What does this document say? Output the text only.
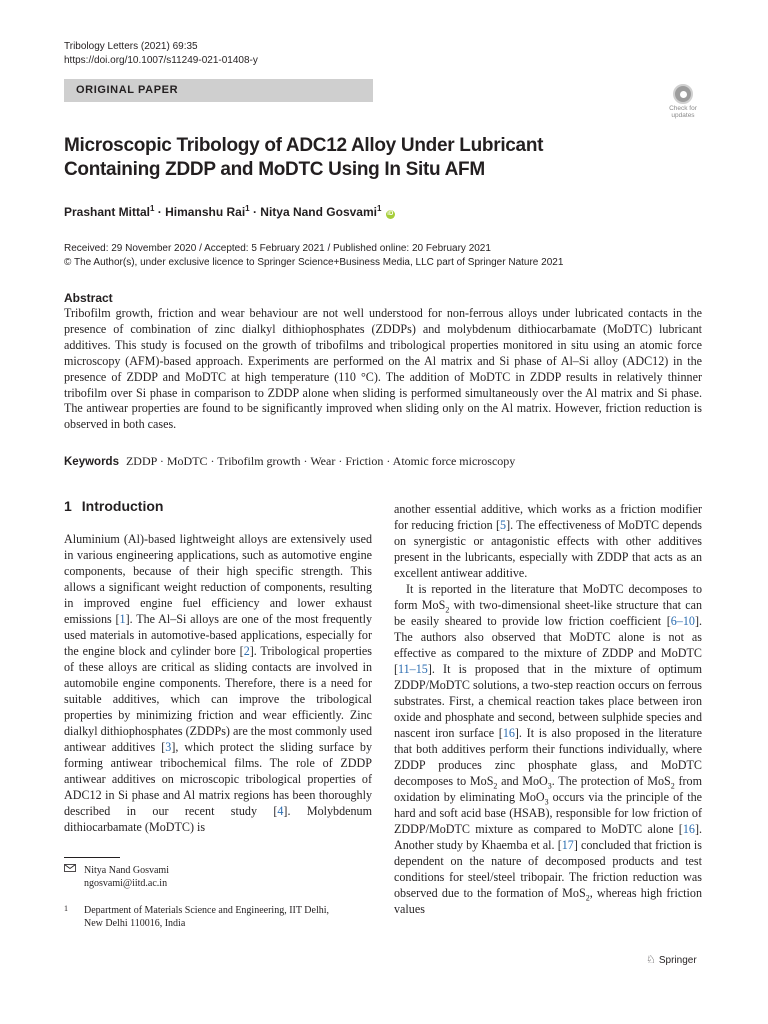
Tribology Letters (2021) 69:35
https://doi.org/10.1007/s11249-021-01408-y
ORIGINAL PAPER
Check for updates
Microscopic Tribology of ADC12 Alloy Under Lubricant Containing ZDDP and MoDTC Using In Situ AFM
Prashant Mittal$^1$ · Himanshu Rai$^1$ · Nitya Nand Gosvami$^1$ iD
Received: 29 November 2020 / Accepted: 5 February 2021 / Published online: 20 February 2021
© The Author(s), under exclusive licence to Springer Science+Business Media, LLC part of Springer Nature 2021
Abstract

Tribofilm growth, friction and wear behaviour are not well understood for non-ferrous alloys under lubricated contacts in the presence of combination of zinc dialkyl dithiophosphates (ZDDPs) and molybdenum dithiocarbamate (MoDTC) lubricant additives. This study is focused on the growth of tribofilms and tribological properties monitored in situ using an atomic force microscopy (AFM)-based approach. Experiments are performed on the Al matrix and Si phase of Al–Si alloy (ADC12) in the presence of ZDDP and MoDTC at high temperature (110 °C). The addition of MoDTC in ZDDP results in relatively thinner tribofilm over Si phase in comparison to ZDDP alone when sliding is performed simultaneously over the Al matrix and Si phase. The antiwear properties are found to be significantly improved when sliding only on the Al matrix. However, friction reduction is observed in both cases.

Keywords ZDDP · MoDTC · Tribofilm growth · Wear · Friction · Atomic force microscopy
1 Introduction

Aluminium (Al)-based lightweight alloys are extensively used in various engineering applications, such as automotive engine components, because of their high specific strength. This allows a significant weight reduction of components, resulting in improved engine fuel efficiency and lower exhaust emissions [1]. The Al–Si alloys are one of the most frequently used materials in automotive-based applications, especially for the engine block and cylinder bore [2]. Tribological properties of these alloys are critical as sliding contacts are involved in automobile engine components. Therefore, there is a need for suitable additives, which can improve the tribological properties by minimizing friction and wear efficiently. Zinc dialkyl dithiophosphates (ZDDPs) are the most commonly used antiwear additives [3], which protect the sliding surface by forming antiwear tribochemical films. The role of ZDDP antiwear additives on microscopic tribological properties of ADC12 in Si phase and Al matrix regions has been thoroughly described in our recent study [4]. Molybdenum dithiocarbamate (MoDTC) is

another essential additive, which works as a friction modifier for reducing friction [5]. The effectiveness of MoDTC depends on synergistic or antagonistic effects with other additives present in the lubricants, especially with ZDDP that acts as an excellent antiwear additive.

It is reported in the literature that MoDTC decomposes to form MoS$_2$ with two-dimensional sheet-like structure that can be easily sheared to provide low friction coefficient [6–10]. The authors also observed that MoDTC alone is not as effective as compared to the mixture of ZDDP and MoDTC [11–15]. It is proposed that in the mixture of optimum ZDDP/MoDTC solutions, a two-step reaction occurs on ferrous substrates. First, a chemical reaction takes place between iron oxide and phosphate and second, between sulphide species and nascent iron surface [16]. It is also proposed in the literature that both additives perform their functions individually, where ZDDP produces zinc phosphate glass, and MoDTC decomposes to MoS$_2$ and MoO$_3$. The protection of MoS$_2$ from oxidation by eliminating MoO$_3$ occurs via the principle of the hard and soft acid base (HSAB), responsible for low friction of ZDDP/MoDTC mixture as compared to MoDTC alone [16]. Another study by Khaemba et al. [17] concluded that friction is dependent on the nature of decomposed products and test conditions for steel/steel tribopair. The friction reduction was observed due to the formation of MoS$_2$, whereas high friction values

Nitya Nand Gosvami
ngosvami@iitd.ac.in
1 Department of Materials Science and Engineering, IIT Delhi, New Delhi 110016, India
♘ Springer
